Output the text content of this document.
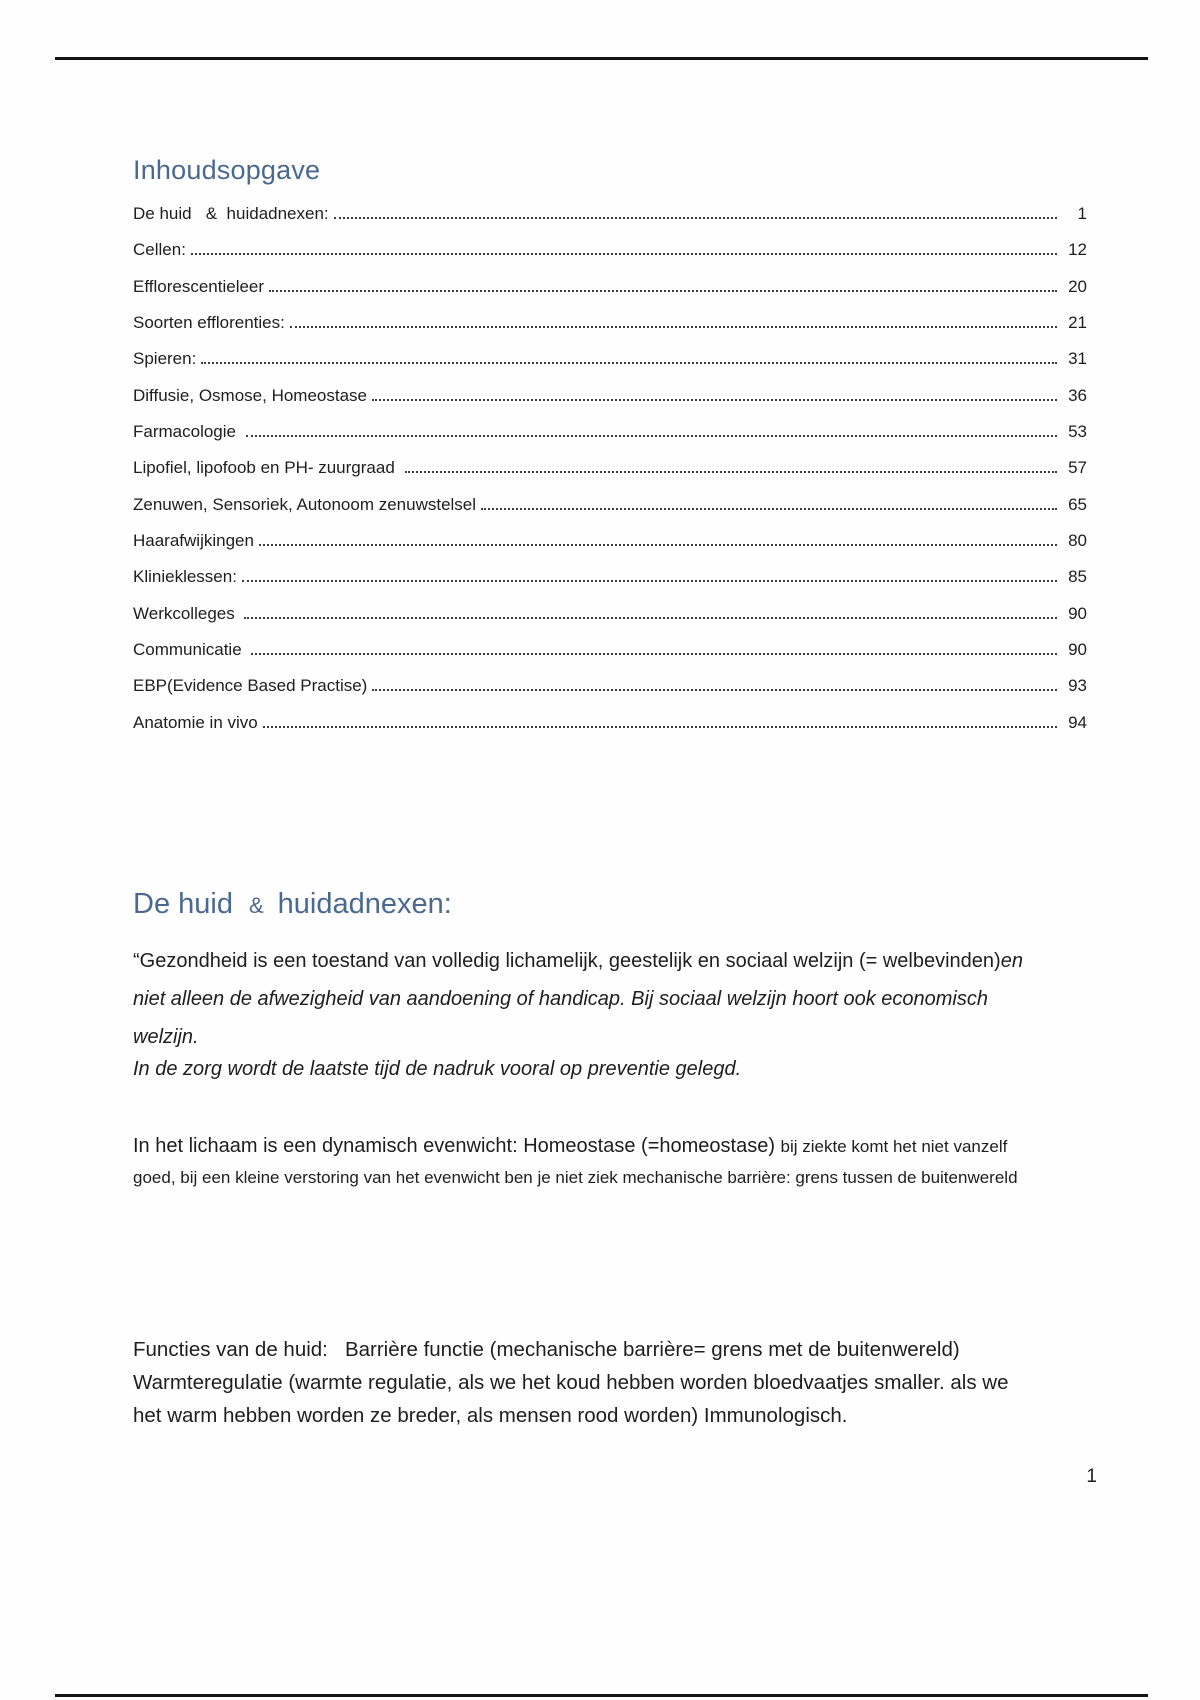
Inhoudsopgave
De huid   &  huidadnexen:	1
Cellen:	12
Efflorescentieleer	20
Soorten efflorenties:	21
Spieren:	31
Diffusie, Osmose, Homeostase	36
Farmacologie	53
Lipofiel, lipofoob en PH- zuurgraad	57
Zenuwen, Sensoriek, Autonoom zenuwstelsel	65
Haarafwijkingen	80
Klinieklessen:	85
Werkcolleges	90
Communicatie	90
EBP(Evidence Based Practise)	93
Anatomie in vivo	94
De huid & huidadnexen:
“Gezondheid is een toestand van volledig lichamelijk, geestelijk en sociaal welzijn (= welbevinden)en niet alleen de afwezigheid van aandoening of handicap. Bij sociaal welzijn hoort ook economisch welzijn.
In de zorg wordt de laatste tijd de nadruk vooral op preventie gelegd.
In het lichaam is een dynamisch evenwicht: Homeostase (=homeostase) bij ziekte komt het niet vanzelf goed, bij een kleine verstoring van het evenwicht ben je niet ziek mechanische barrière: grens tussen de buitenwereld
Functies van de huid:   Barrière functie (mechanische barrière= grens met de buitenwereld) Warmteregulatie (warmte regulatie, als we het koud hebben worden bloedvaatjes smaller. als we het warm hebben worden ze breder, als mensen rood worden) Immunologisch.
1
